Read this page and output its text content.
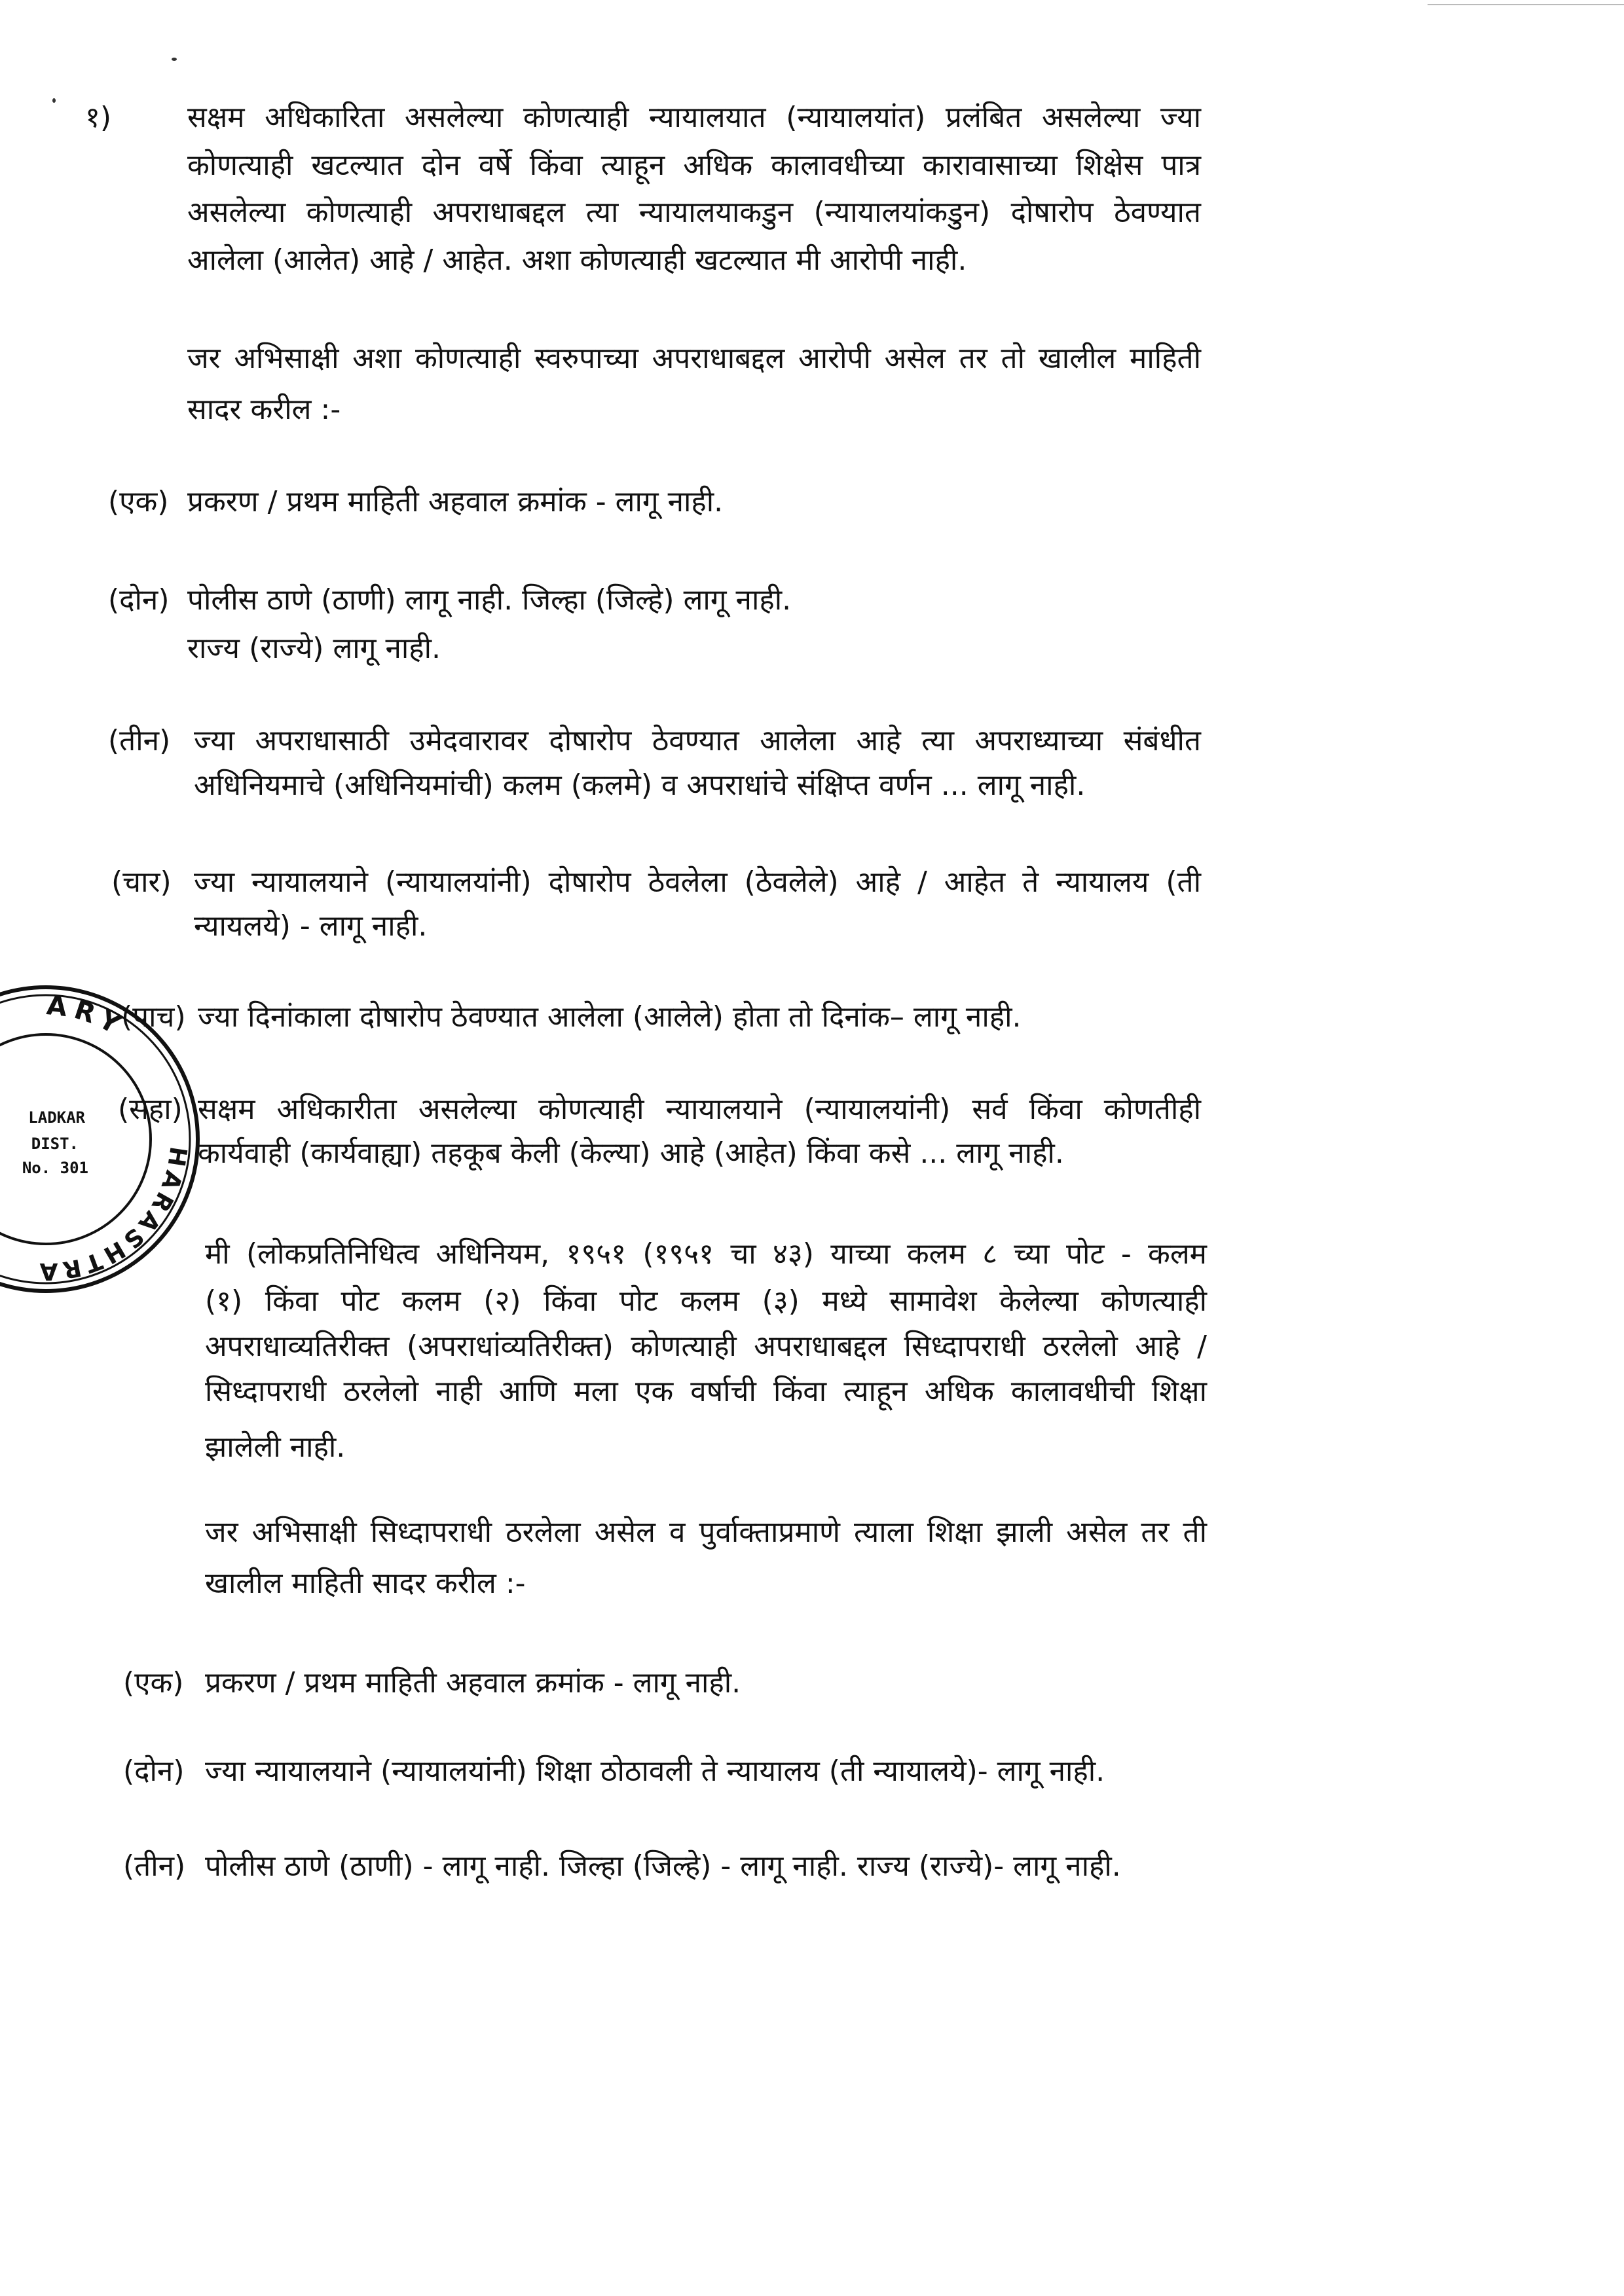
१)	सक्षम अधिकारिता असलेल्या कोणत्याही न्यायालयात (न्यायालयांत) प्रलंबित असलेल्या ज्या
कोणत्याही खटल्यात दोन वर्षे किंवा त्याहून अधिक कालावधीच्या कारावासाच्या शिक्षेस पात्र
असलेल्या कोणत्याही अपराधाबद्दल त्या न्यायालयाकडुन (न्यायालयांकडुन) दोषारोप ठेवण्यात
आलेला (आलेत) आहे / आहेत. अशा कोणत्याही खटल्यात मी आरोपी नाही.
जर अभिसाक्षी अशा कोणत्याही स्वरुपाच्या अपराधाबद्दल आरोपी असेल तर तो खालील माहिती
सादर करील :-
(एक) प्रकरण / प्रथम माहिती अहवाल क्रमांक - लागू नाही.
(दोन) पोलीस ठाणे (ठाणी) लागू नाही. जिल्हा (जिल्हे) लागू नाही.
राज्य (राज्ये) लागू नाही.
(तीन) ज्या अपराधासाठी उमेदवारावर दोषारोप ठेवण्यात आलेला आहे त्या अपराध्याच्या संबंधीत
अधिनियमाचे (अधिनियमांची) कलम (कलमे) व अपराधांचे संक्षिप्त वर्णन ... लागू नाही.
(चार) ज्या न्यायालयाने (न्यायालयांनी) दोषारोप ठेवलेला (ठेवलेले) आहे / आहेत ते न्यायालय (ती
न्यायलये) - लागू नाही.
(पाच) ज्या दिनांकाला दोषारोप ठेवण्यात आलेला (आलेले) होता तो दिनांक– लागू नाही.
(सहा) सक्षम अधिकारीता असलेल्या कोणत्याही न्यायालयाने (न्यायालयांनी) सर्व किंवा कोणतीही
कार्यवाही (कार्यवाह्या) तहकूब केली (केल्या) आहे (आहेत) किंवा कसे ... लागू नाही.
मी (लोकप्रतिनिधित्व अधिनियम, १९५१ (१९५१ चा ४३) याच्या कलम ८ च्या पोट - कलम
(१) किंवा पोट कलम (२) किंवा पोट कलम (३) मध्ये सामावेश केलेल्या कोणत्याही
अपराधाव्यतिरीक्त (अपराधांव्यतिरीक्त) कोणत्याही अपराधाबद्दल सिध्दापराधी ठरलेलो आहे /
सिध्दापराधी ठरलेलो नाही आणि मला एक वर्षाची किंवा त्याहून अधिक कालावधीची शिक्षा
झालेली नाही.
जर अभिसाक्षी सिध्दापराधी ठरलेला असेल व पुर्वाक्ताप्रमाणे त्याला शिक्षा झाली असेल तर ती
खालील माहिती सादर करील :-
(एक) प्रकरण / प्रथम माहिती अहवाल क्रमांक - लागू नाही.
(दोन) ज्या न्यायालयाने (न्यायालयांनी) शिक्षा ठोठावली ते न्यायालय (ती न्यायालये)- लागू नाही.
(तीन) पोलीस ठाणे (ठाणी) - लागू नाही. जिल्हा (जिल्हे) - लागू नाही. राज्य (राज्ये)- लागू नाही.
ARY
HARASHTRA
LADKAR
DIST.
No. 301
